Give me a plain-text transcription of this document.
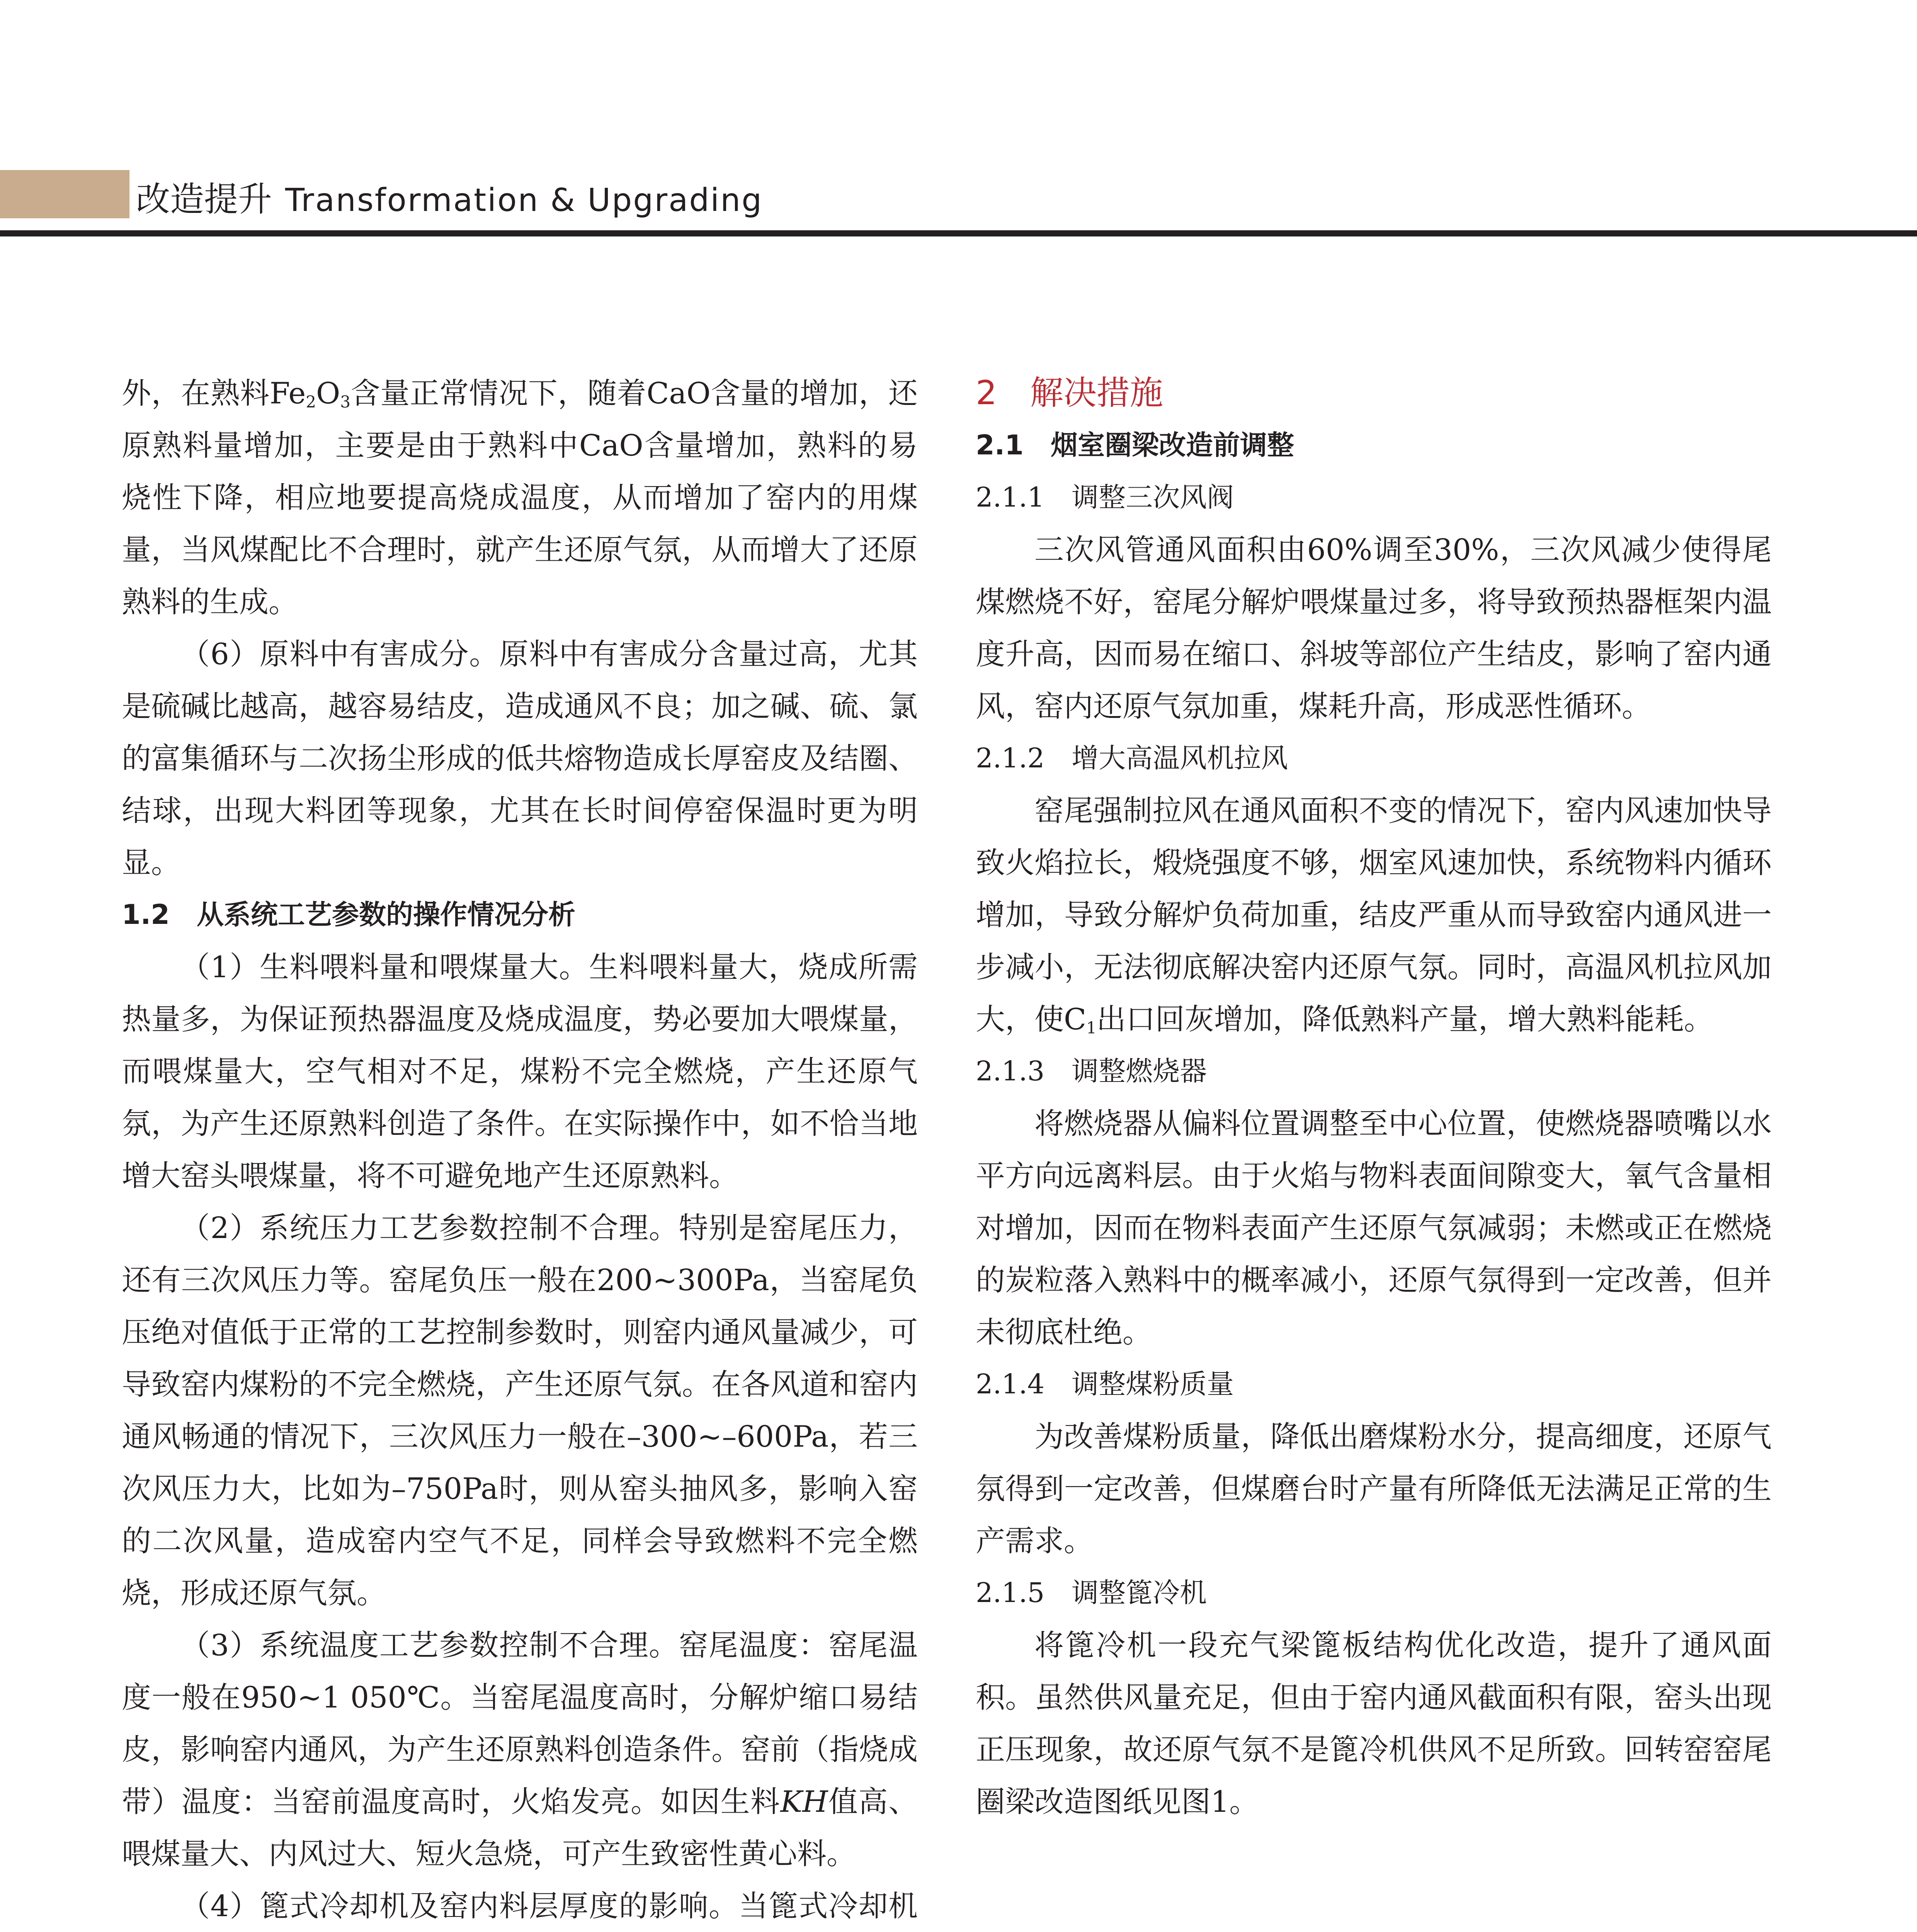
改造提升 Transformation & Upgrading

外，在熟料$Fe_2O_3$含量正常情况下，随着CaO含量的增加，还原熟料量增加，主要是由于熟料中CaO含量增加，熟料的易烧性下降，相应地要提高烧成温度，从而增加了窑内的用煤量，当风煤配比不合理时，就产生还原气氛，从而增大了还原熟料的生成。

（6）原料中有害成分。原料中有害成分含量过高，尤其是硫碱比越高，越容易结皮，造成通风不良；加之碱、硫、氯的富集循环与二次扬尘形成的低共熔物造成长厚窑皮及结圈、结球，出现大料团等现象，尤其在长时间停窑保温时更为明显。

1.2　从系统工艺参数的操作情况分析

（1）生料喂料量和喂煤量大。生料喂料量大，烧成所需热量多，为保证预热器温度及烧成温度，势必要加大喂煤量，而喂煤量大，空气相对不足，煤粉不完全燃烧，产生还原气氛，为产生还原熟料创造了条件。在实际操作中，如不恰当地增大窑头喂煤量，将不可避免地产生还原熟料。

（2）系统压力工艺参数控制不合理。特别是窑尾压力，还有三次风压力等。窑尾负压一般在200~300Pa，当窑尾负压绝对值低于正常的工艺控制参数时，则窑内通风量减少，可导致窑内煤粉的不完全燃烧，产生还原气氛。在各风道和窑内通风畅通的情况下，三次风压力一般在–300~–600Pa，若三次风压力大，比如为–750Pa时，则从窑头抽风多，影响入窑的二次风量，造成窑内空气不足，同样会导致燃料不完全燃烧，形成还原气氛。

（3）系统温度工艺参数控制不合理。窑尾温度：窑尾温度一般在950~1 050℃。当窑尾温度高时，分解炉缩口易结皮，影响窑内通风，为产生还原熟料创造条件。窑前（指烧成带）温度：当窑前温度高时，火焰发亮。如因生料KH值高、喂煤量大、内风过大、短火急烧，可产生致密性黄心料。

（4）篦式冷却机及窑内料层厚度的影响。当篦式冷却机

2　解决措施

2.1　烟室圈梁改造前调整

2.1.1　调整三次风阀

三次风管通风面积由60%调至30%，三次风减少使得尾煤燃烧不好，窑尾分解炉喂煤量过多，将导致预热器框架内温度升高，因而易在缩口、斜坡等部位产生结皮，影响了窑内通风，窑内还原气氛加重，煤耗升高，形成恶性循环。

2.1.2　增大高温风机拉风

窑尾强制拉风在通风面积不变的情况下，窑内风速加快导致火焰拉长，煅烧强度不够，烟室风速加快，系统物料内循环增加，导致分解炉负荷加重，结皮严重从而导致窑内通风进一步减小，无法彻底解决窑内还原气氛。同时，高温风机拉风加大，使$C_1$出口回灰增加，降低熟料产量，增大熟料能耗。

2.1.3　调整燃烧器

将燃烧器从偏料位置调整至中心位置，使燃烧器喷嘴以水平方向远离料层。由于火焰与物料表面间隙变大，氧气含量相对增加，因而在物料表面产生还原气氛减弱；未燃或正在燃烧的炭粒落入熟料中的概率减小，还原气氛得到一定改善，但并未彻底杜绝。

2.1.4　调整煤粉质量

为改善煤粉质量，降低出磨煤粉水分，提高细度，还原气氛得到一定改善，但煤磨台时产量有所降低无法满足正常的生产需求。

2.1.5　调整篦冷机

将篦冷机一段充气梁篦板结构优化改造，提升了通风面积。虽然供风量充足，但由于窑内通风截面积有限，窑头出现正压现象，故还原气氛不是篦冷机供风不足所致。回转窑窑尾圈梁改造图纸见图1。
